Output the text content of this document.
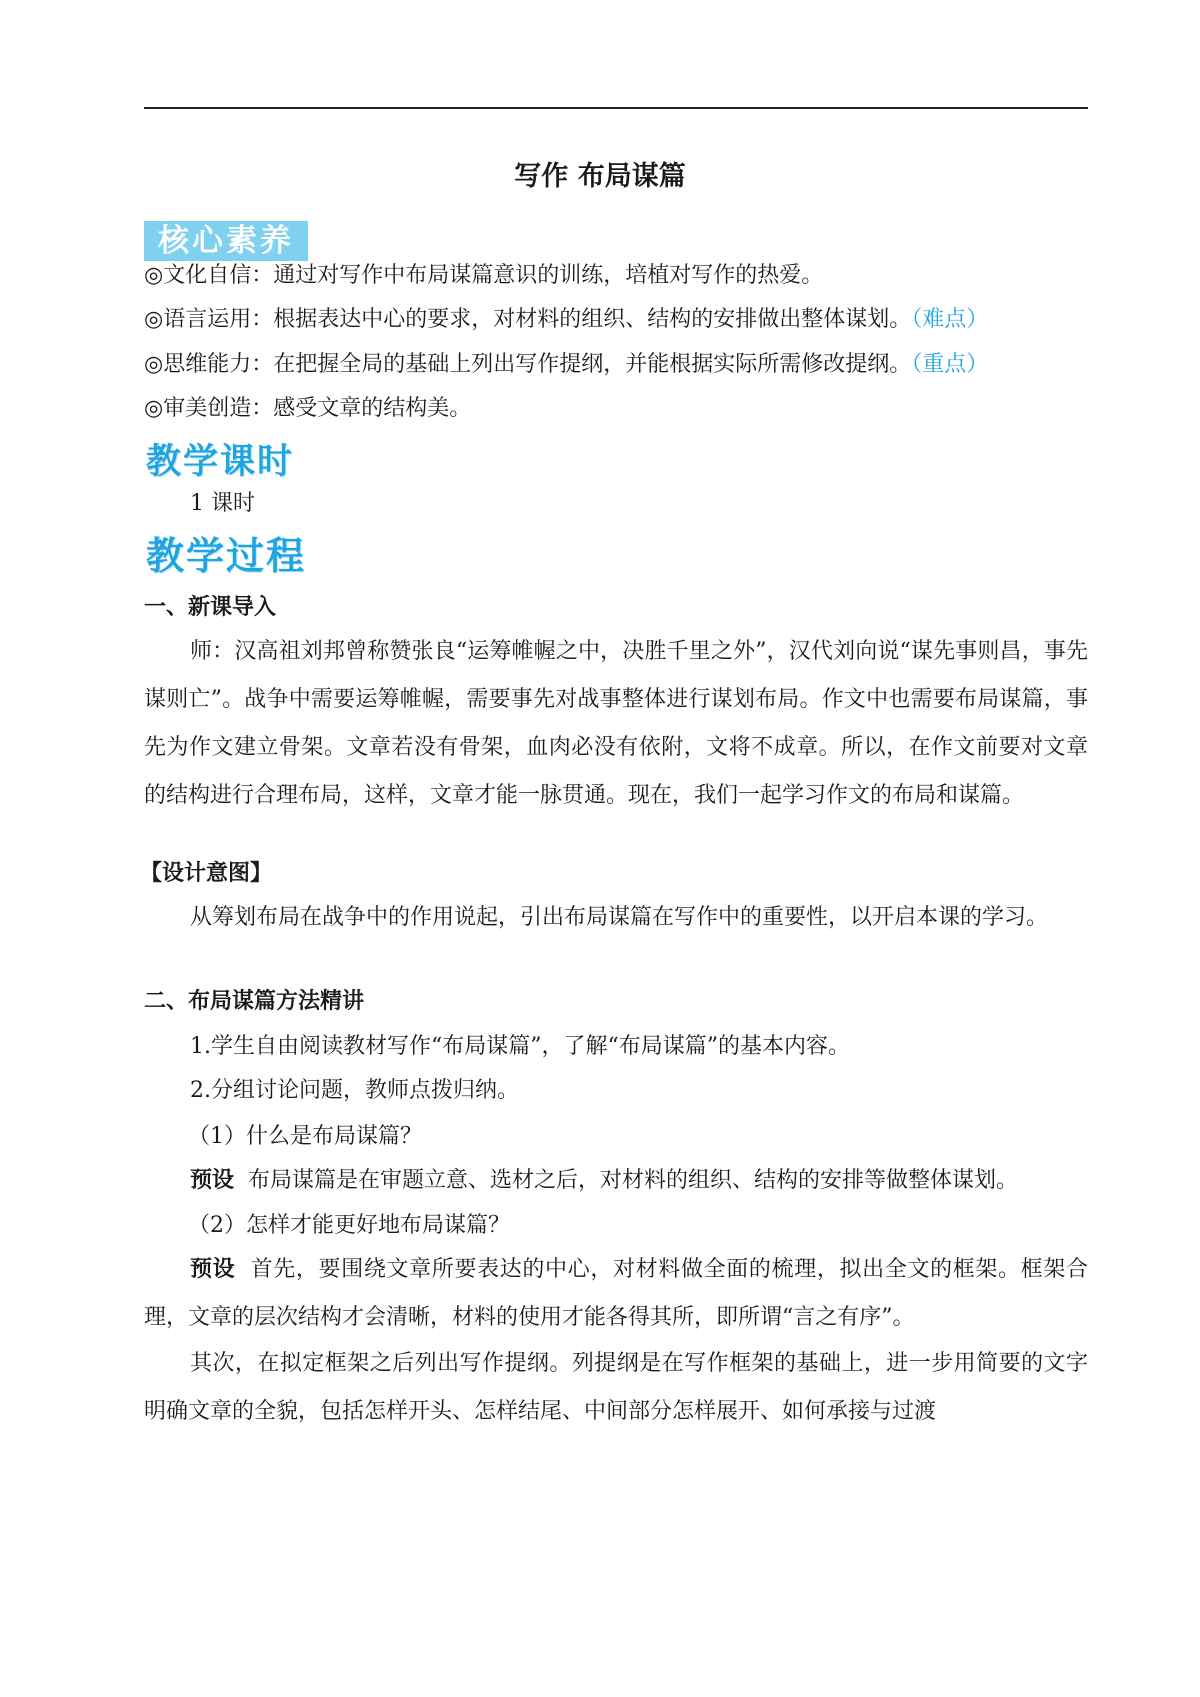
写作 布局谋篇
核心素养
◎文化自信：通过对写作中布局谋篇意识的训练，培植对写作的热爱。
◎语言运用：根据表达中心的要求，对材料的组织、结构的安排做出整体谋划。（难点）
◎思维能力：在把握全局的基础上列出写作提纲，并能根据实际所需修改提纲。（重点）
◎审美创造：感受文章的结构美。
教学课时
1 课时
教学过程
一、新课导入
师：汉高祖刘邦曾称赞张良“运筹帷幄之中，决胜千里之外”，汉代刘向说“谋先事则昌，事先谋则亡”。战争中需要运筹帷幄，需要事先对战事整体进行谋划布局。作文中也需要布局谋篇，事先为作文建立骨架。文章若没有骨架，血肉必没有依附，文将不成章。所以，在作文前要对文章的结构进行合理布局，这样，文章才能一脉贯通。现在，我们一起学习作文的布局和谋篇。
【设计意图】
从筹划布局在战争中的作用说起，引出布局谋篇在写作中的重要性，以开启本课的学习。
二、布局谋篇方法精讲
1.学生自由阅读教材写作“布局谋篇”，了解“布局谋篇”的基本内容。
2.分组讨论问题，教师点拨归纳。
（1）什么是布局谋篇？
预设 布局谋篇是在审题立意、选材之后，对材料的组织、结构的安排等做整体谋划。
（2）怎样才能更好地布局谋篇？
预设 首先，要围绕文章所要表达的中心，对材料做全面的梳理，拟出全文的框架。框架合理，文章的层次结构才会清晰，材料的使用才能各得其所，即所谓“言之有序”。
其次，在拟定框架之后列出写作提纲。列提纲是在写作框架的基础上，进一步用简要的文字明确文章的全貌，包括怎样开头、怎样结尾、中间部分怎样展开、如何承接与过渡
